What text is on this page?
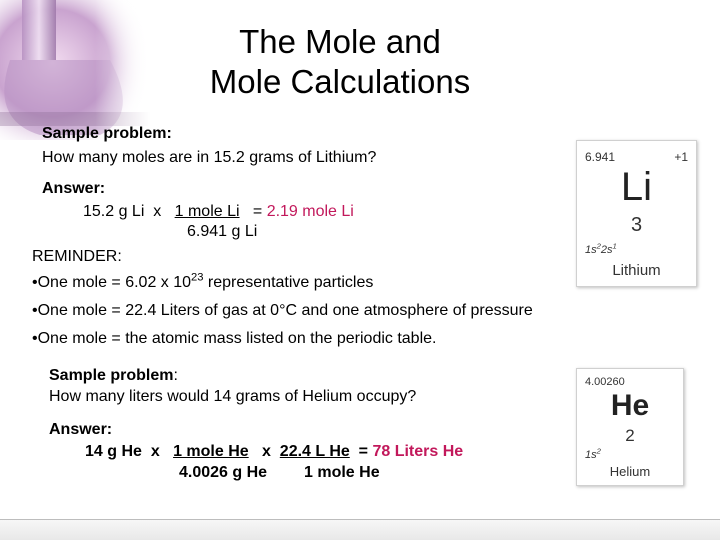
The Mole and
Mole Calculations
Sample problem:
How many moles are in 15.2 grams of Lithium?
Answer:
15.2 g Li x 1 mole Li = 2.19 mole Li
6.941 g Li
REMINDER:
•One mole = 6.02 x $10^{23}$ representative particles
•One mole = 22.4 Liters of gas at 0°C and one atmosphere of pressure
•One mole = the atomic mass listed on the periodic table.
Sample problem:
How many liters would 14 grams of Helium occupy?
Answer:
14 g He x 1 mole He x 22.4 L He = 78 Liters He
4.0026 g He 1 mole He
6.941	+1
Li
3
$1s^22s^1$
Lithium
4.00260
He
2
$1s^2$
Helium
